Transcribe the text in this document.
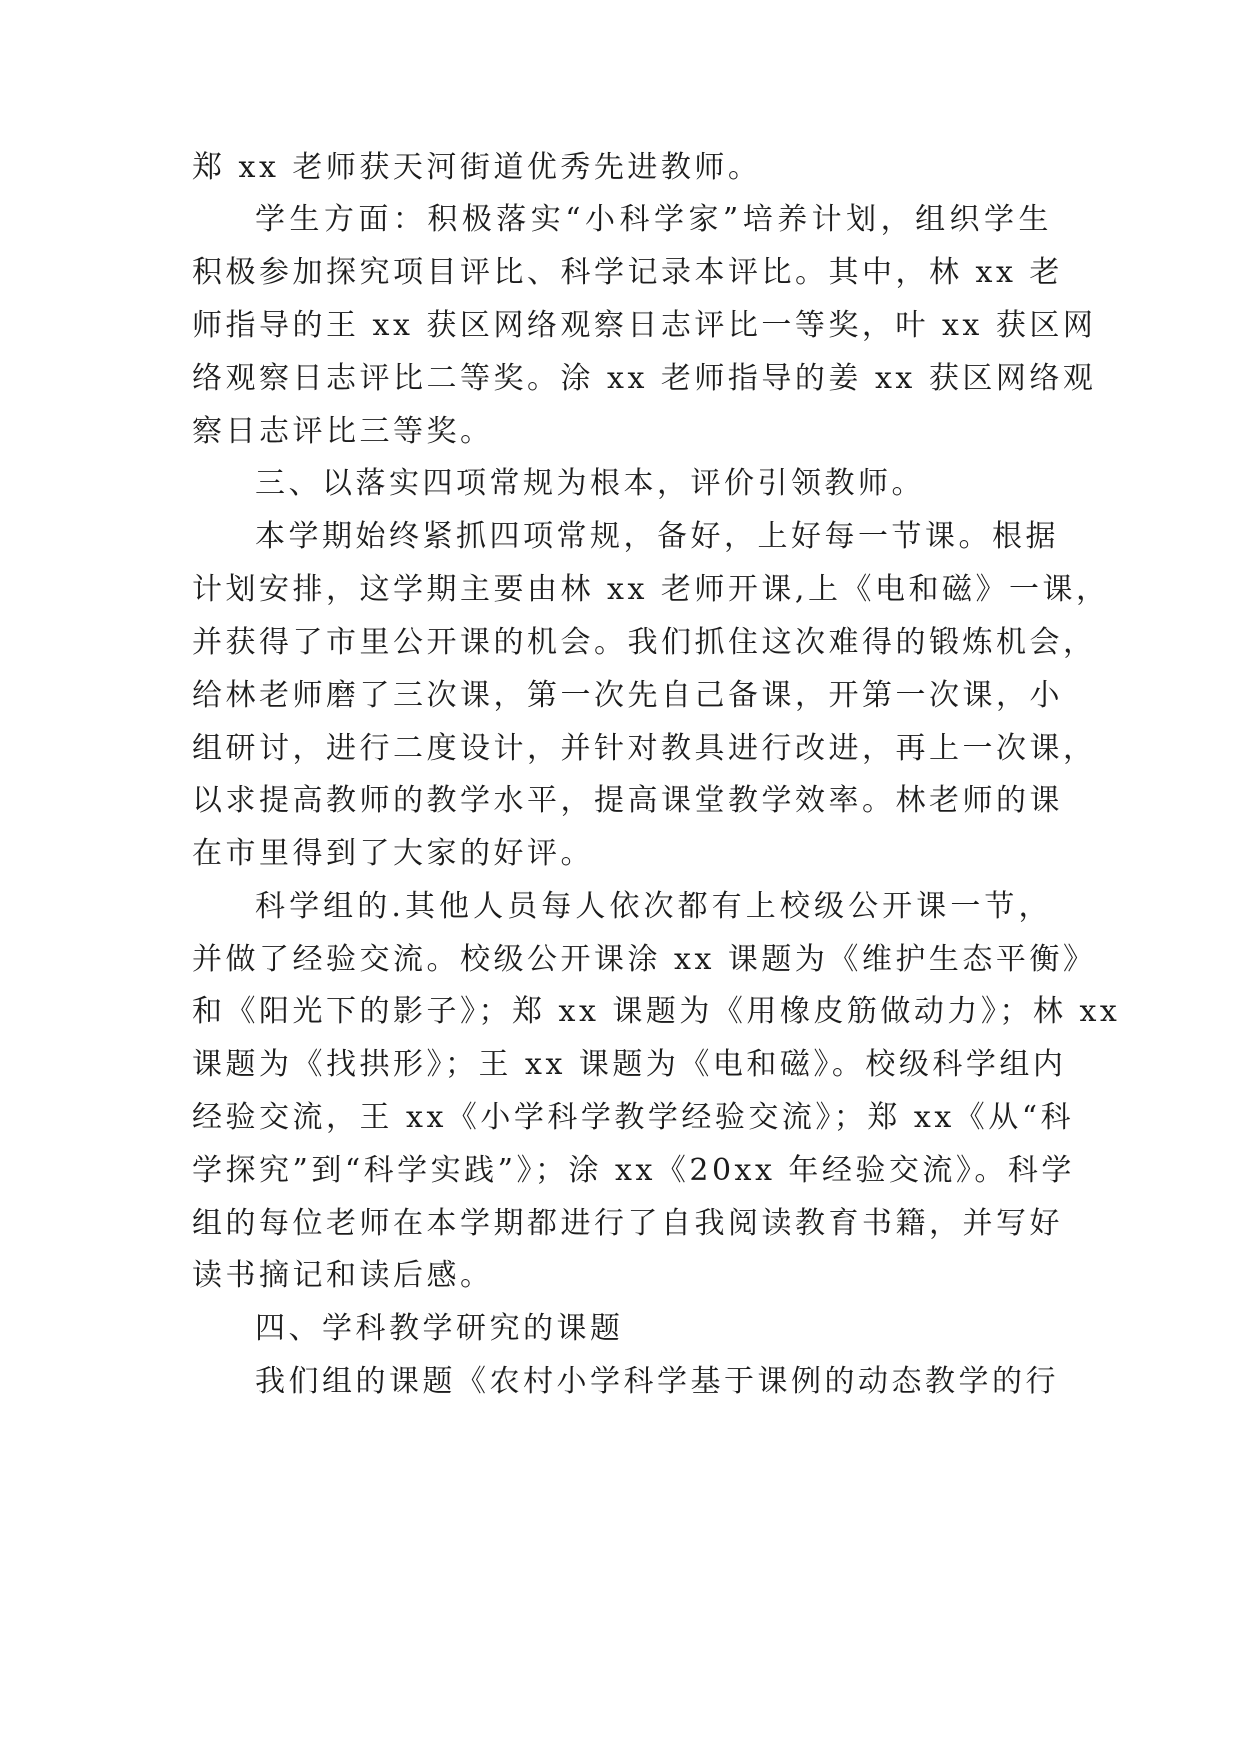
郑 xx 老师获天河街道优秀先进教师。
学生方面：积极落实“小科学家”培养计划，组织学生
积极参加探究项目评比、科学记录本评比。其中，林 xx 老
师指导的王 xx 获区网络观察日志评比一等奖，叶 xx 获区网
络观察日志评比二等奖。涂 xx 老师指导的姜 xx 获区网络观
察日志评比三等奖。
三、以落实四项常规为根本，评价引领教师。
本学期始终紧抓四项常规，备好，上好每一节课。根据
计划安排，这学期主要由林 xx 老师开课,上《电和磁》一课，
并获得了市里公开课的机会。我们抓住这次难得的锻炼机会，
给林老师磨了三次课，第一次先自己备课，开第一次课，小
组研讨，进行二度设计，并针对教具进行改进，再上一次课，
以求提高教师的教学水平，提高课堂教学效率。林老师的课
在市里得到了大家的好评。
科学组的.其他人员每人依次都有上校级公开课一节，
并做了经验交流。校级公开课涂 xx 课题为《维护生态平衡》
和《阳光下的影子》；郑 xx 课题为《用橡皮筋做动力》；林 xx
课题为《找拱形》；王 xx 课题为《电和磁》。校级科学组内
经验交流，王 xx《小学科学教学经验交流》；郑 xx《从“科
学探究”到“科学实践”》；涂 xx《20xx 年经验交流》。科学
组的每位老师在本学期都进行了自我阅读教育书籍，并写好
读书摘记和读后感。
四、学科教学研究的课题
我们组的课题《农村小学科学基于课例的动态教学的行
